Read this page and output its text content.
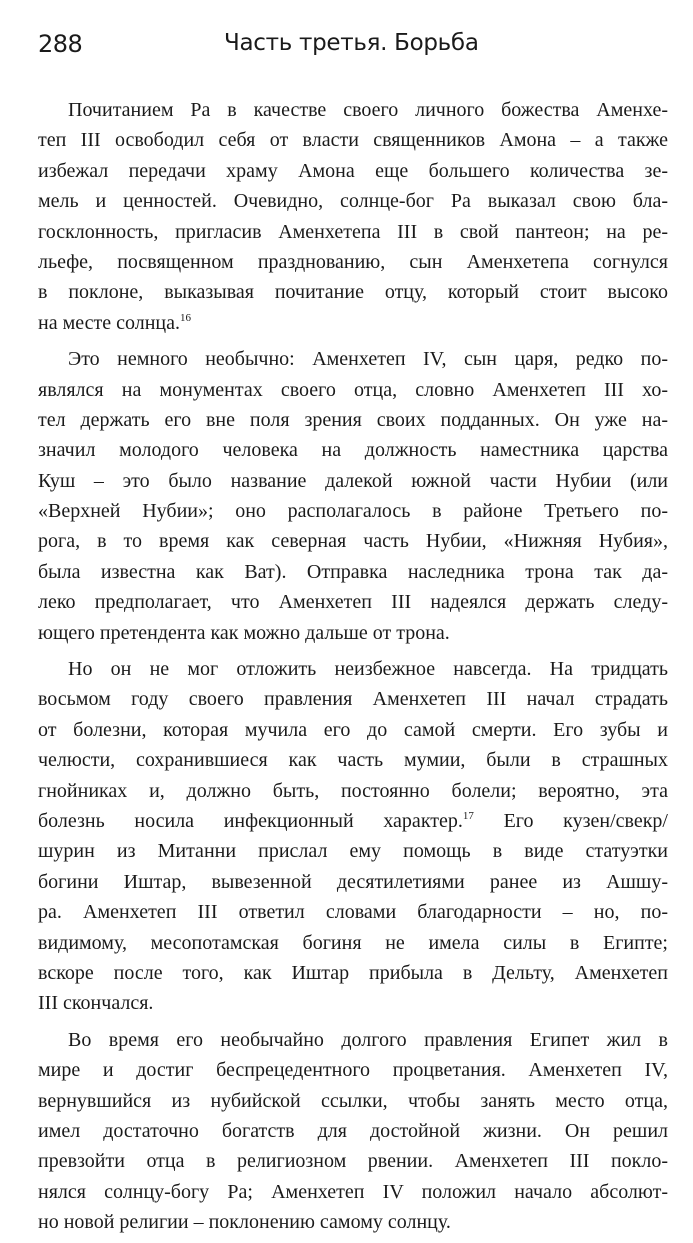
288	Часть третья. Борьба

Почитанием Ра в качестве своего личного божества Аменхе-
теп III освободил себя от власти священников Амона – а также
избежал передачи храму Амона еще большего количества зе-
мель и ценностей. Очевидно, солнце-бог Ра выказал свою бла-
госклонность, пригласив Аменхетепа III в свой пантеон; на ре-
льефе, посвященном празднованию, сын Аменхетепа согнулся
в поклоне, выказывая почитание отцу, который стоит высоко
на месте солнца.$^{16}$

Это немного необычно: Аменхетеп IV, сын царя, редко по-
являлся на монументах своего отца, словно Аменхетеп III хо-
тел держать его вне поля зрения своих подданных. Он уже на-
значил молодого человека на должность наместника царства
Куш – это было название далекой южной части Нубии (или
«Верхней Нубии»; оно располагалось в районе Третьего по-
рога, в то время как северная часть Нубии, «Нижняя Нубия»,
была известна как Ват). Отправка наследника трона так да-
леко предполагает, что Аменхетеп III надеялся держать следу-
ющего претендента как можно дальше от трона.

Но он не мог отложить неизбежное навсегда. На тридцать
восьмом году своего правления Аменхетеп III начал страдать
от болезни, которая мучила его до самой смерти. Его зубы и
челюсти, сохранившиеся как часть мумии, были в страшных
гнойниках и, должно быть, постоянно болели; вероятно, эта
болезнь носила инфекционный характер.$^{17}$ Его кузен/свекр/
шурин из Митанни прислал ему помощь в виде статуэтки
богини Иштар, вывезенной десятилетиями ранее из Ашшу-
ра. Аменхетеп III ответил словами благодарности – но, по-
видимому, месопотамская богиня не имела силы в Египте;
вскоре после того, как Иштар прибыла в Дельту, Аменхетеп
III скончался.

Во время его необычайно долгого правления Египет жил в
мире и достиг беспрецедентного процветания. Аменхетеп IV,
вернувшийся из нубийской ссылки, чтобы занять место отца,
имел достаточно богатств для достойной жизни. Он решил
превзойти отца в религиозном рвении. Аменхетеп III покло-
нялся солнцу-богу Ра; Аменхетеп IV положил начало абсолют-
но новой религии – поклонению самому солнцу.
